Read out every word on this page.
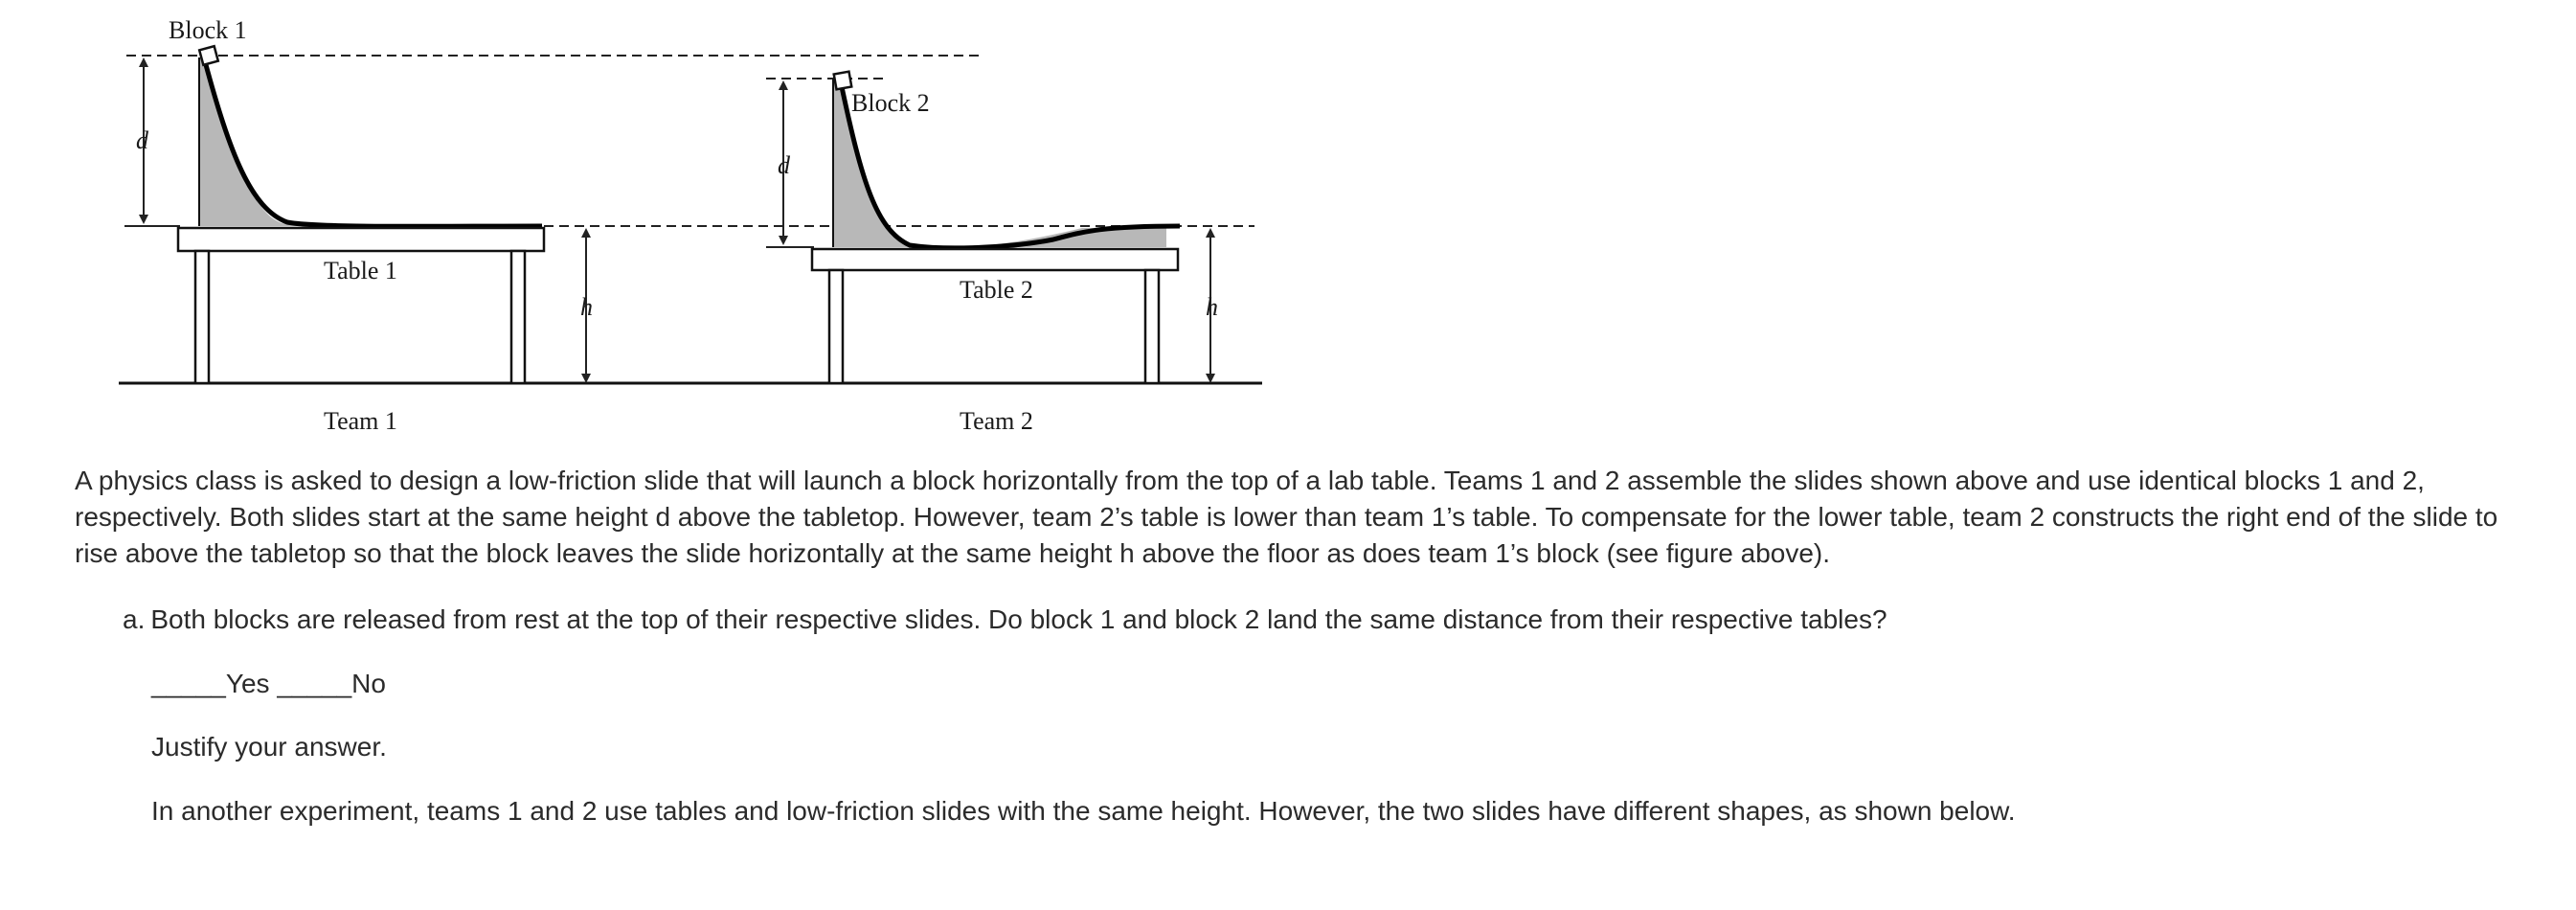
Block 1
Block 2
Table 1
Table 2
Team 1	Team 2
d
d
h	h
A physics class is asked to design a low-friction slide that will launch a block horizontally from the top of a lab table. Teams 1 and 2 assemble the slides shown above and use identical blocks 1 and 2, respectively. Both slides start at the same height d above the tabletop. However, team 2’s table is lower than team 1’s table. To compensate for the lower table, team 2 constructs the right end of the slide to rise above the tabletop so that the block leaves the slide horizontally at the same height h above the floor as does team 1’s block (see figure above).
a. Both blocks are released from rest at the top of their respective slides. Do block 1 and block 2 land the same distance from their respective tables?
_____Yes _____No
Justify your answer.
In another experiment, teams 1 and 2 use tables and low-friction slides with the same height. However, the two slides have different shapes, as shown below.
